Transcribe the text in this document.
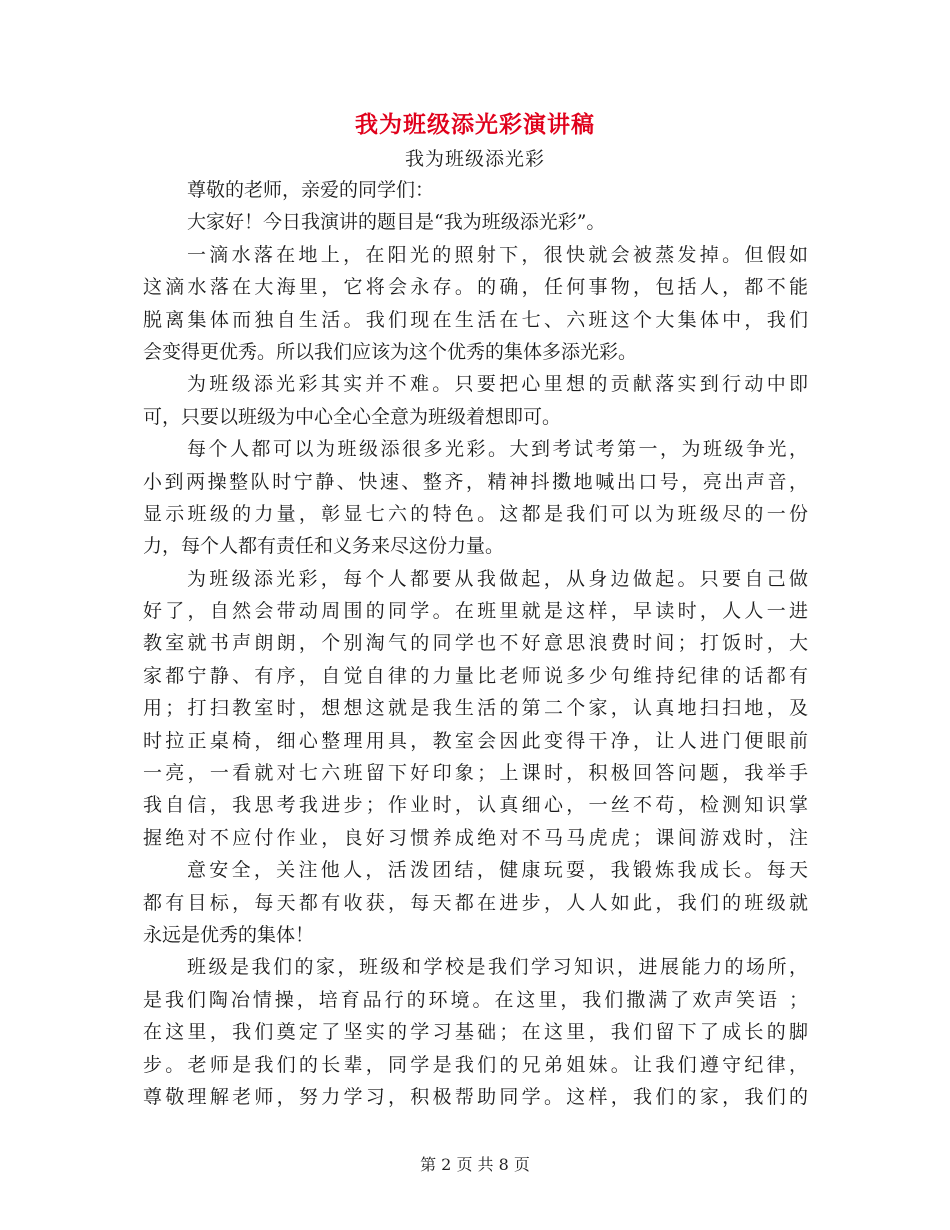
我为班级添光彩演讲稿
我为班级添光彩
尊敬的老师，亲爱的同学们：
大家好！今日我演讲的题目是“我为班级添光彩”。
一滴水落在地上，在阳光的照射下，很快就会被蒸发掉。但假如
这滴水落在大海里，它将会永存。的确，任何事物，包括人，都不能
脱离集体而独自生活。我们现在生活在七、六班这个大集体中，我们
会变得更优秀。所以我们应该为这个优秀的集体多添光彩。
为班级添光彩其实并不难。只要把心里想的贡献落实到行动中即
可，只要以班级为中心全心全意为班级着想即可。
每个人都可以为班级添很多光彩。大到考试考第一，为班级争光，
小到两操整队时宁静、快速、整齐，精神抖擞地喊出口号，亮出声音，
显示班级的力量，彰显七六的特色。这都是我们可以为班级尽的一份
力，每个人都有责任和义务来尽这份力量。
为班级添光彩，每个人都要从我做起，从身边做起。只要自己做
好了，自然会带动周围的同学。在班里就是这样，早读时，人人一进
教室就书声朗朗，个别淘气的同学也不好意思浪费时间；打饭时，大
家都宁静、有序，自觉自律的力量比老师说多少句维持纪律的话都有
用；打扫教室时，想想这就是我生活的第二个家，认真地扫扫地，及
时拉正桌椅，细心整理用具，教室会因此变得干净，让人进门便眼前
一亮，一看就对七六班留下好印象；上课时，积极回答问题，我举手
我自信，我思考我进步；作业时，认真细心，一丝不苟，检测知识掌
握绝对不应付作业，良好习惯养成绝对不马马虎虎；课间游戏时，注
意安全，关注他人，活泼团结，健康玩耍，我锻炼我成长。每天
都有目标，每天都有收获，每天都在进步，人人如此，我们的班级就
永远是优秀的集体！
班级是我们的家，班级和学校是我们学习知识，进展能力的场所，
是我们陶冶情操，培育品行的环境。在这里，我们撒满了欢声笑语 ；
在这里，我们奠定了坚实的学习基础；在这里，我们留下了成长的脚
步。老师是我们的长辈，同学是我们的兄弟姐妹。让我们遵守纪律，
尊敬理解老师，努力学习，积极帮助同学。这样，我们的家，我们的
第 2 页 共 8 页
